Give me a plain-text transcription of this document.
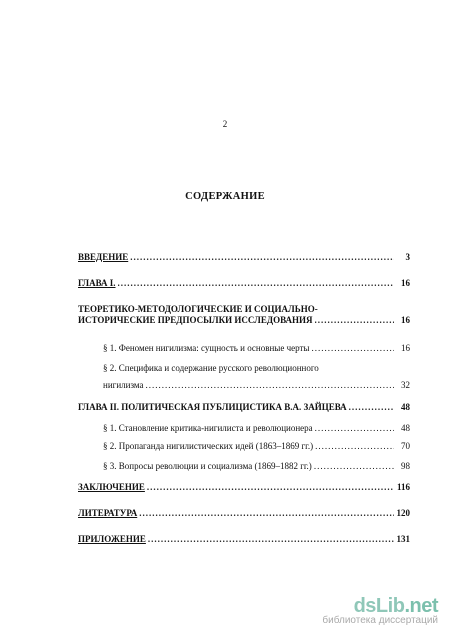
2
СОДЕРЖАНИЕ
ВВЕДЕНИЕ .....	3
ГЛАВА I. .....	16
ТЕОРЕТИКО-МЕТОДОЛОГИЧЕСКИЕ И СОЦИАЛЬНО-
ИСТОРИЧЕСКИЕ ПРЕДПОСЫЛКИ ИССЛЕДОВАНИЯ .....	16
§ 1. Феномен нигилизма: сущность и основные черты .....	16
§ 2. Специфика и содержание русского революционного
нигилизма .....	32
ГЛАВА II. ПОЛИТИЧЕСКАЯ ПУБЛИЦИСТИКА В.А. ЗАЙЦЕВА .....	48
§ 1. Становление критика-нигилиста и революционера .....	48
§ 2. Пропаганда нигилистических идей (1863–1869 гг.) .....	70
§ 3. Вопросы революции и социализма (1869–1882 гг.) .....	98
ЗАКЛЮЧЕНИЕ .....	116
ЛИТЕРАТУРА .....	120
ПРИЛОЖЕНИЕ .....	131
dsLib.net
библиотека диссертаций
